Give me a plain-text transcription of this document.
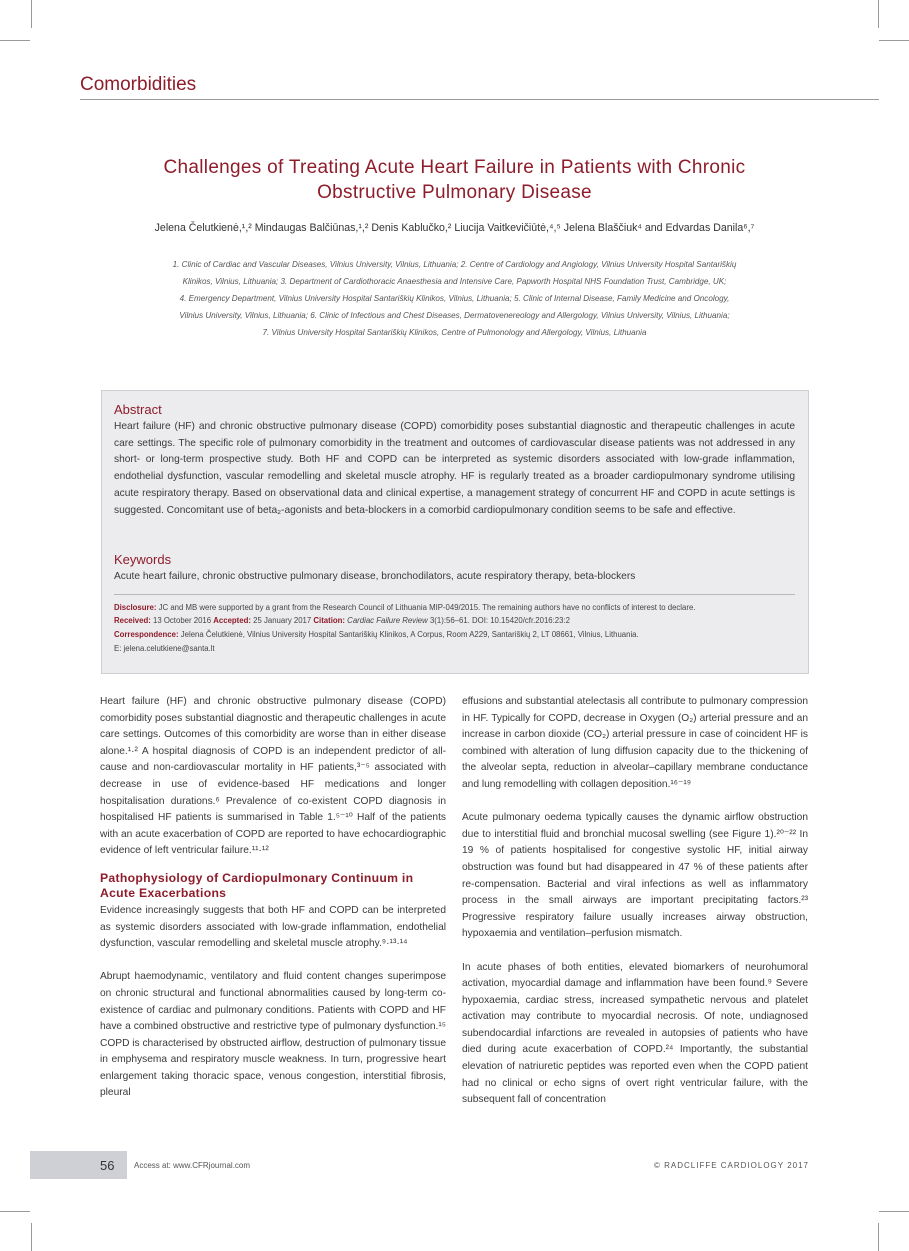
Comorbidities
Challenges of Treating Acute Heart Failure in Patients with Chronic
Obstructive Pulmonary Disease
Jelena Čelutkienė,¹,² Mindaugas Balčiūnas,¹,² Denis Kablučko,² Liucija Vaitkevičiūtė,⁴,⁵ Jelena Blaščiuk⁴ and Edvardas Danila⁶,⁷
1. Clinic of Cardiac and Vascular Diseases, Vilnius University, Vilnius, Lithuania; 2. Centre of Cardiology and Angiology, Vilnius University Hospital Santariškių
Klinikos, Vilnius, Lithuania; 3. Department of Cardiothoracic Anaesthesia and Intensive Care, Papworth Hospital NHS Foundation Trust, Cambridge, UK;
4. Emergency Department, Vilnius University Hospital Santariškių Klinikos, Vilnius, Lithuania; 5. Clinic of Internal Disease, Family Medicine and Oncology,
Vilnius University, Vilnius, Lithuania; 6. Clinic of Infectious and Chest Diseases, Dermatovenereology and Allergology, Vilnius University, Vilnius, Lithuania;
7. Vilnius University Hospital Santariškių Klinikos, Centre of Pulmonology and Allergology, Vilnius, Lithuania
Abstract
Heart failure (HF) and chronic obstructive pulmonary disease (COPD) comorbidity poses substantial diagnostic and therapeutic challenges in acute care settings. The specific role of pulmonary comorbidity in the treatment and outcomes of cardiovascular disease patients was not addressed in any short- or long-term prospective study. Both HF and COPD can be interpreted as systemic disorders associated with low-grade inflammation, endothelial dysfunction, vascular remodelling and skeletal muscle atrophy. HF is regularly treated as a broader cardiopulmonary syndrome utilising acute respiratory therapy. Based on observational data and clinical expertise, a management strategy of concurrent HF and COPD in acute settings is suggested. Concomitant use of beta₂-agonists and beta-blockers in a comorbid cardiopulmonary condition seems to be safe and effective.
Keywords
Acute heart failure, chronic obstructive pulmonary disease, bronchodilators, acute respiratory therapy, beta-blockers
Disclosure: JC and MB were supported by a grant from the Research Council of Lithuania MIP-049/2015. The remaining authors have no conflicts of interest to declare.
Received: 13 October 2016 Accepted: 25 January 2017 Citation: Cardiac Failure Review 3(1):56–61. DOI: 10.15420/cfr.2016:23:2
Correspondence: Jelena Čelutkienė, Vilnius University Hospital Santariškių Klinikos, A Corpus, Room A229, Santariškių 2, LT 08661, Vilnius, Lithuania.
E: jelena.celutkiene@santa.lt

Heart failure (HF) and chronic obstructive pulmonary disease (COPD) comorbidity poses substantial diagnostic and therapeutic challenges in acute care settings. Outcomes of this comorbidity are worse than in either disease alone.¹·² A hospital diagnosis of COPD is an independent predictor of all-cause and non-cardiovascular mortality in HF patients,³⁻⁵ associated with decrease in use of evidence-based HF medications and longer hospitalisation durations.⁶ Prevalence of co-existent COPD diagnosis in hospitalised HF patients is summarised in Table 1.⁵⁻¹⁰ Half of the patients with an acute exacerbation of COPD are reported to have echocardiographic evidence of left ventricular failure.¹¹·¹²

Pathophysiology of Cardiopulmonary Continuum in Acute Exacerbations

Evidence increasingly suggests that both HF and COPD can be interpreted as systemic disorders associated with low-grade inflammation, endothelial dysfunction, vascular remodelling and skeletal muscle atrophy.⁹·¹³·¹⁴

Abrupt haemodynamic, ventilatory and fluid content changes superimpose on chronic structural and functional abnormalities caused by long-term co-existence of cardiac and pulmonary conditions. Patients with COPD and HF have a combined obstructive and restrictive type of pulmonary dysfunction.¹⁵ COPD is characterised by obstructed airflow, destruction of pulmonary tissue in emphysema and respiratory muscle weakness. In turn, progressive heart enlargement taking thoracic space, venous congestion, interstitial fibrosis, pleural

effusions and substantial atelectasis all contribute to pulmonary compression in HF. Typically for COPD, decrease in Oxygen (O₂) arterial pressure and an increase in carbon dioxide (CO₂) arterial pressure in case of coincident HF is combined with alteration of lung diffusion capacity due to the thickening of the alveolar septa, reduction in alveolar–capillary membrane conductance and lung remodelling with collagen deposition.¹⁶⁻¹⁹

Acute pulmonary oedema typically causes the dynamic airflow obstruction due to interstitial fluid and bronchial mucosal swelling (see Figure 1).²⁰⁻²² In 19 % of patients hospitalised for congestive systolic HF, initial airway obstruction was found but had disappeared in 47 % of these patients after re-compensation. Bacterial and viral infections as well as inflammatory process in the small airways are important precipitating factors.²³ Progressive respiratory failure usually increases airway obstruction, hypoxaemia and ventilation–perfusion mismatch.

In acute phases of both entities, elevated biomarkers of neurohumoral activation, myocardial damage and inflammation have been found.⁹ Severe hypoxaemia, cardiac stress, increased sympathetic nervous and platelet activation may contribute to myocardial necrosis. Of note, undiagnosed subendocardial infarctions are revealed in autopsies of patients who have died during acute exacerbation of COPD.²⁴ Importantly, the substantial elevation of natriuretic peptides was reported even when the COPD patient had no clinical or echo signs of overt right ventricular failure, with the subsequent fall of concentration

56 Access at: www.CFRjournal.com	© RADCLIFFE CARDIOLOGY 2017
